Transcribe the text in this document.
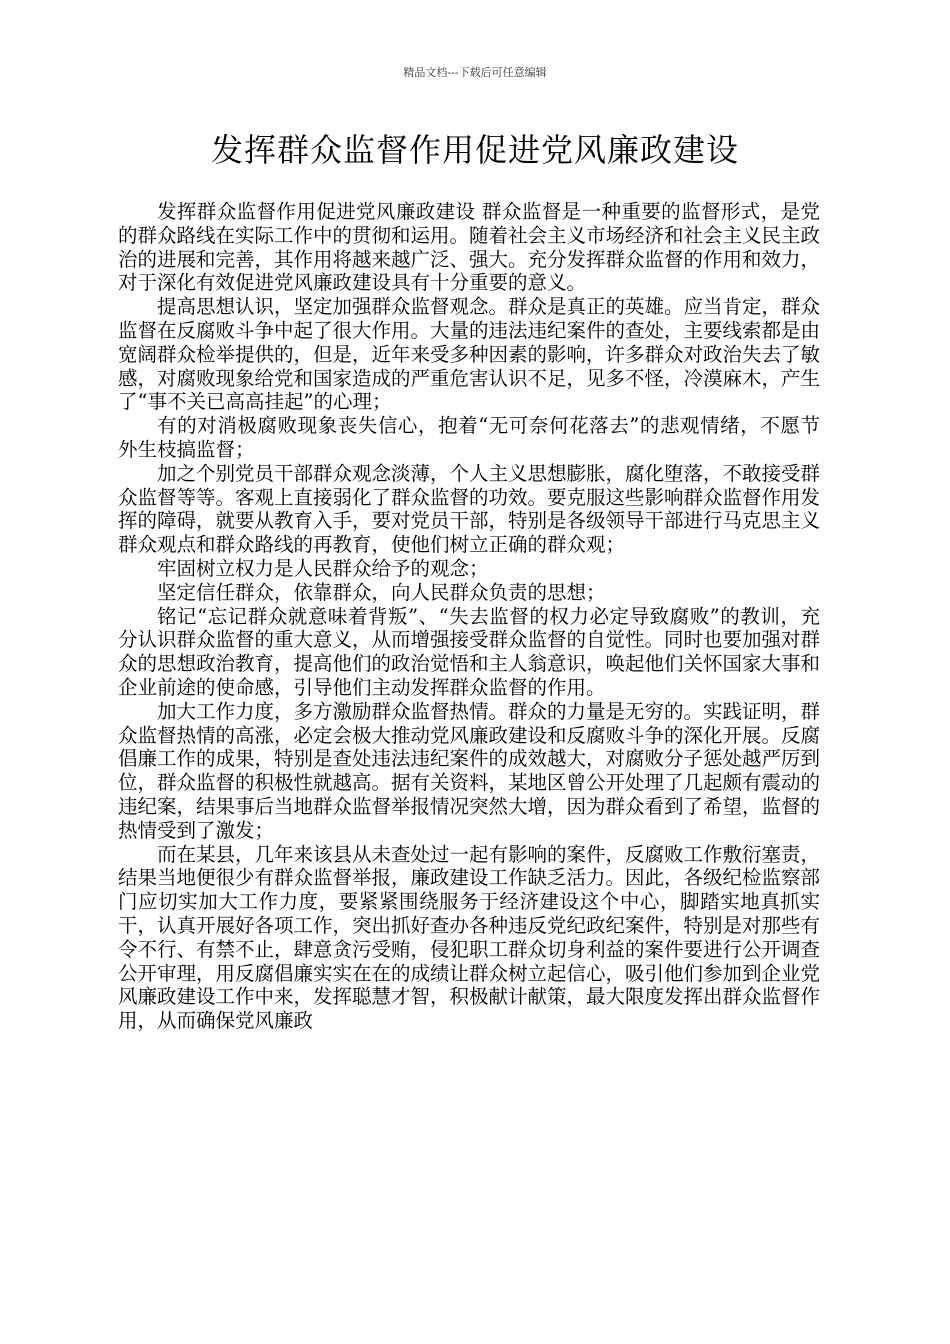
精品文档---下载后可任意编辑
发挥群众监督作用促进党风廉政建设

发挥群众监督作用促进党风廉政建设 群众监督是一种重要的监督形式，是党的群众路线在实际工作中的贯彻和运用。随着社会主义市场经济和社会主义民主政治的进展和完善，其作用将越来越广泛、强大。充分发挥群众监督的作用和效力，对于深化有效促进党风廉政建设具有十分重要的意义。

提高思想认识，坚定加强群众监督观念。群众是真正的英雄。应当肯定，群众监督在反腐败斗争中起了很大作用。大量的违法违纪案件的查处，主要线索都是由宽阔群众检举提供的，但是，近年来受多种因素的影响，许多群众对政治失去了敏感，对腐败现象给党和国家造成的严重危害认识不足，见多不怪，冷漠麻木，产生了“事不关已高高挂起”的心理；

有的对消极腐败现象丧失信心，抱着“无可奈何花落去”的悲观情绪，不愿节外生枝搞监督；

加之个别党员干部群众观念淡薄，个人主义思想膨胀，腐化堕落，不敢接受群众监督等等。客观上直接弱化了群众监督的功效。要克服这些影响群众监督作用发挥的障碍，就要从教育入手，要对党员干部，特别是各级领导干部进行马克思主义群众观点和群众路线的再教育，使他们树立正确的群众观；

牢固树立权力是人民群众给予的观念；

坚定信任群众，依靠群众，向人民群众负责的思想；

铭记“忘记群众就意味着背叛”、“失去监督的权力必定导致腐败”的教训，充分认识群众监督的重大意义，从而增强接受群众监督的自觉性。同时也要加强对群众的思想政治教育，提高他们的政治觉悟和主人翁意识，唤起他们关怀国家大事和企业前途的使命感，引导他们主动发挥群众监督的作用。

加大工作力度，多方激励群众监督热情。群众的力量是无穷的。实践证明，群众监督热情的高涨，必定会极大推动党风廉政建设和反腐败斗争的深化开展。反腐倡廉工作的成果，特别是查处违法违纪案件的成效越大，对腐败分子惩处越严厉到位，群众监督的积极性就越高。据有关资料，某地区曾公开处理了几起颇有震动的违纪案，结果事后当地群众监督举报情况突然大增，因为群众看到了希望，监督的热情受到了激发；

而在某县，几年来该县从未查处过一起有影响的案件，反腐败工作敷衍塞责，结果当地便很少有群众监督举报，廉政建设工作缺乏活力。因此，各级纪检监察部门应切实加大工作力度，要紧紧围绕服务于经济建设这个中心，脚踏实地真抓实干，认真开展好各项工作，突出抓好查办各种违反党纪政纪案件，特别是对那些有令不行、有禁不止，肆意贪污受贿，侵犯职工群众切身利益的案件要进行公开调查公开审理，用反腐倡廉实实在在的成绩让群众树立起信心，吸引他们参加到企业党风廉政建设工作中来，发挥聪慧才智，积极献计献策，最大限度发挥出群众监督作用，从而确保党风廉政
